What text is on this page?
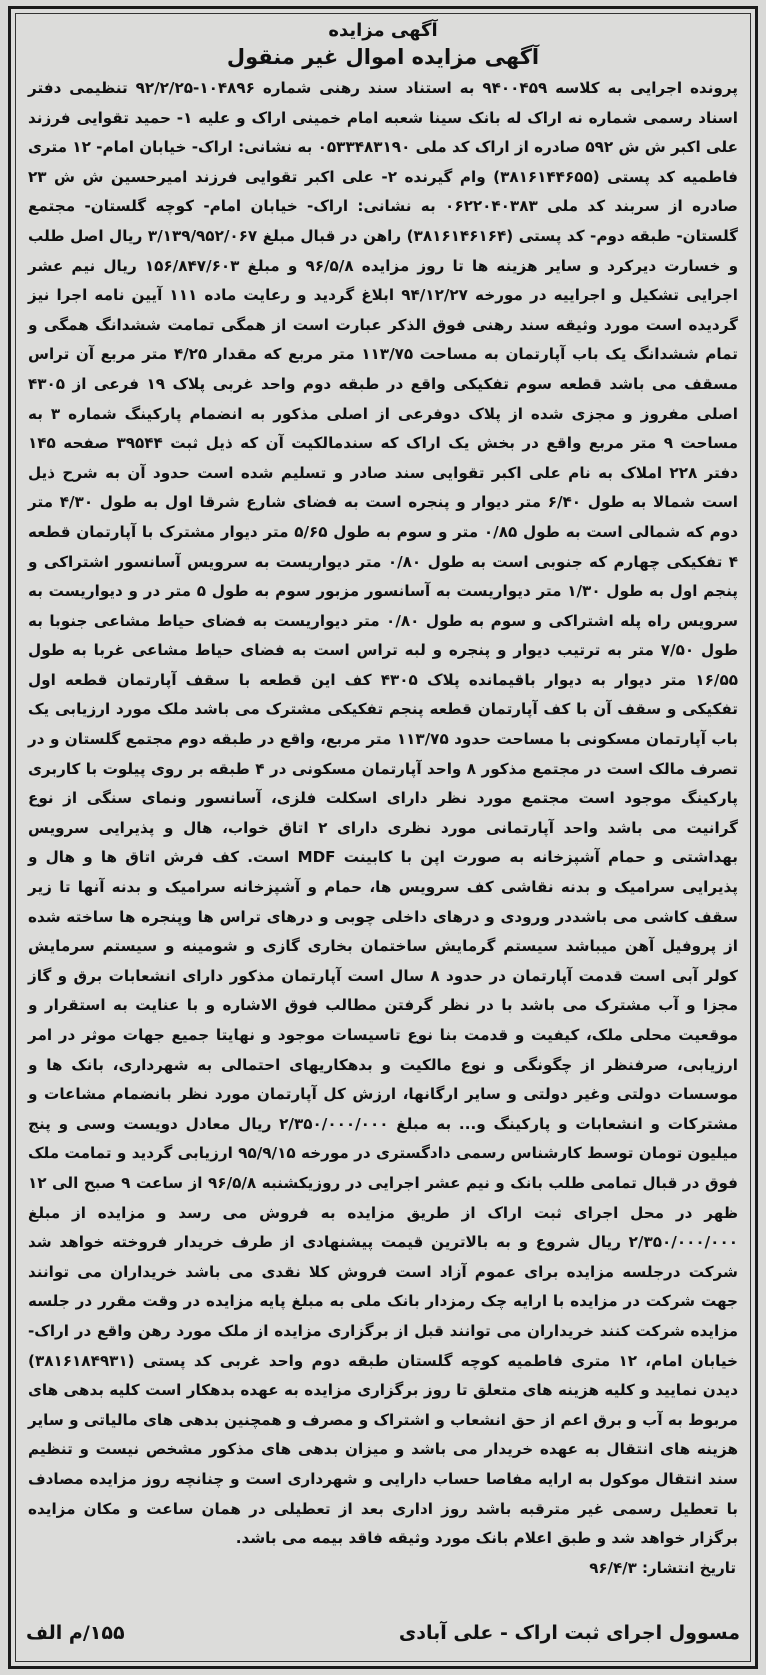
آگهی مزایده
آگهی مزایده اموال غیر منقول
پرونده اجرایی به کلاسه ۹۴۰۰۴۵۹ به استناد سند رهنی شماره ۱۰۴۸۹۶-۹۲/۲/۲۵ تنظیمی دفتر اسناد رسمی شماره نه اراک له بانک سینا شعبه امام خمینی اراک و علیه ۱- حمید تقوایی فرزند علی اکبر ش ش ۵۹۲ صادره از اراک کد ملی ۰۵۳۳۴۸۳۱۹۰ به نشانی: اراک- خیابان امام- ۱۲ متری فاطمیه کد پستی (۳۸۱۶۱۴۴۶۵۵) وام گیرنده ۲- علی اکبر تقوایی فرزند امیرحسین ش ش ۲۳ صادره از سربند کد ملی ۰۶۲۲۰۴۰۳۸۳ به نشانی: اراک- خیابان امام- کوچه گلستان- مجتمع گلستان- طبقه دوم- کد پستی (۳۸۱۶۱۴۶۱۶۴) راهن در قبال مبلغ ۳/۱۳۹/۹۵۲/۰۶۷ ریال اصل طلب و خسارت دیرکرد و سایر هزینه ها تا روز مزایده ۹۶/۵/۸ و مبلغ ۱۵۶/۸۴۷/۶۰۳ ریال نیم عشر اجرایی تشکیل و اجراییه در مورخه ۹۴/۱۲/۲۷ ابلاغ گردید و رعایت ماده ۱۱۱ آیین نامه اجرا نیز گردیده است مورد وثیقه سند رهنی فوق الذکر عبارت است از همگی تمامت ششدانگ همگی و تمام ششدانگ یک باب آپارتمان به مساحت ۱۱۳/۷۵ متر مربع که مقدار ۴/۲۵ متر مربع آن تراس مسقف می باشد قطعه سوم تفکیکی واقع در طبقه دوم واحد غربی پلاک ۱۹ فرعی از ۴۳۰۵ اصلی مفروز و مجزی شده از پلاک دوفرعی از اصلی مذکور به انضمام پارکینگ شماره ۳ به مساحت ۹ متر مربع واقع در بخش یک اراک که سندمالکیت آن که ذیل ثبت ۳۹۵۴۴ صفحه ۱۴۵ دفتر ۲۲۸ املاک به نام علی اکبر تقوایی سند صادر و تسلیم شده است حدود آن به شرح ذیل است شمالا به طول ۶/۴۰ متر دیوار و پنجره است به فضای شارع شرقا اول به طول ۴/۳۰ متر دوم که شمالی است به طول ۰/۸۵ متر و سوم به طول ۵/۶۵ متر دیوار مشترک با آپارتمان قطعه ۴ تفکیکی چهارم که جنوبی است به طول ۰/۸۰ متر دیواریست به سرویس آسانسور اشتراکی و پنجم اول به طول ۱/۳۰ متر دیواریست به آسانسور مزبور سوم به طول ۵ متر در و دیواریست به سرویس راه پله اشتراکی و سوم به طول ۰/۸۰ متر دیواریست به فضای حیاط مشاعی جنوبا به طول ۷/۵۰ متر به ترتیب دیوار و پنجره و لبه تراس است به فضای حیاط مشاعی غربا به طول ۱۶/۵۵ متر دیوار به دیوار باقیمانده پلاک ۴۳۰۵ کف این قطعه با سقف آپارتمان قطعه اول تفکیکی و سقف آن با کف آپارتمان قطعه پنجم تفکیکی مشترک می باشد ملک مورد ارزیابی یک باب آپارتمان مسکونی با مساحت حدود ۱۱۳/۷۵ متر مربع، واقع در طبقه دوم مجتمع گلستان و در تصرف مالک است در مجتمع مذکور ۸ واحد آپارتمان مسکونی در ۴ طبقه بر روی پیلوت با کاربری پارکینگ موجود است مجتمع مورد نظر دارای اسکلت فلزی، آسانسور ونمای سنگی از نوع گرانیت می باشد واحد آپارتمانی مورد نظری دارای ۲ اتاق خواب، هال و پذیرایی سرویس بهداشتی و حمام آشپزخانه به صورت اپن با کابینت MDF است. کف فرش اتاق ها و هال و پذیرایی سرامیک و بدنه نقاشی کف سرویس ها، حمام و آشپزخانه سرامیک و بدنه آنها تا زیر سقف کاشی می باشددر ورودی و درهای داخلی چوبی و درهای تراس ها وپنجره ها ساخته شده از پروفیل آهن میباشد سیستم گرمایش ساختمان بخاری گازی و شومینه و سیستم سرمایش کولر آبی است قدمت آپارتمان در حدود ۸ سال است آپارتمان مذکور دارای انشعابات برق و گاز مجزا و آب مشترک می باشد با در نظر گرفتن مطالب فوق الاشاره و با عنایت به استقرار و موقعیت محلی ملک، کیفیت و قدمت بنا نوع تاسیسات موجود و نهایتا جمیع جهات موثر در امر ارزیابی، صرفنظر از چگونگی و نوع مالکیت و بدهکاریهای احتمالی به شهرداری، بانک ها و موسسات دولتی وغیر دولتی و سایر ارگانها، ارزش کل آپارتمان مورد نظر بانضمام مشاعات و مشترکات و انشعابات و پارکینگ و... به مبلغ ۲/۳۵۰/۰۰۰/۰۰۰ ریال معادل دویست وسی و پنج میلیون تومان توسط کارشناس رسمی دادگستری در مورخه ۹۵/۹/۱۵ ارزیابی گردید و تمامت ملک فوق در قبال تمامی طلب بانک و نیم عشر اجرایی در روزیکشنبه ۹۶/۵/۸ از ساعت ۹ صبح الی ۱۲ ظهر در محل اجرای ثبت اراک از طریق مزایده به فروش می رسد و مزایده از مبلغ ۲/۳۵۰/۰۰۰/۰۰۰ ریال شروع و به بالاترین قیمت پیشنهادی از طرف خریدار فروخته خواهد شد شرکت درجلسه مزایده برای عموم آزاد است فروش کلا نقدی می باشد خریداران می توانند جهت شرکت در مزایده با ارایه چک رمزدار بانک ملی به مبلغ پایه مزایده در وقت مقرر در جلسه مزایده شرکت کنند خریداران می توانند قبل از برگزاری مزایده از ملک مورد رهن واقع در اراک- خیابان امام، ۱۲ متری فاطمیه کوچه گلستان طبقه دوم واحد غربی کد پستی (۳۸۱۶۱۸۴۹۳۱) دیدن نمایید و کلیه هزینه های متعلق تا روز برگزاری مزایده به عهده بدهکار است کلیه بدهی های مربوط به آب و برق اعم از حق انشعاب و اشتراک و مصرف و همچنین بدهی های مالیاتی و سایر هزینه های انتقال به عهده خریدار می باشد و میزان بدهی های مذکور مشخص نیست و تنظیم سند انتقال موکول به ارایه مفاصا حساب دارایی و شهرداری است و چنانچه روز مزایده مصادف با تعطیل رسمی غیر مترقبه باشد روز اداری بعد از تعطیلی در همان ساعت و مکان مزایده برگزار خواهد شد و طبق اعلام بانک مورد وثیقه فاقد بیمه می باشد.
تاریخ انتشار: ۹۶/۴/۳
مسوول اجرای ثبت اراک - علی آبادی
۱۵۵/م الف
